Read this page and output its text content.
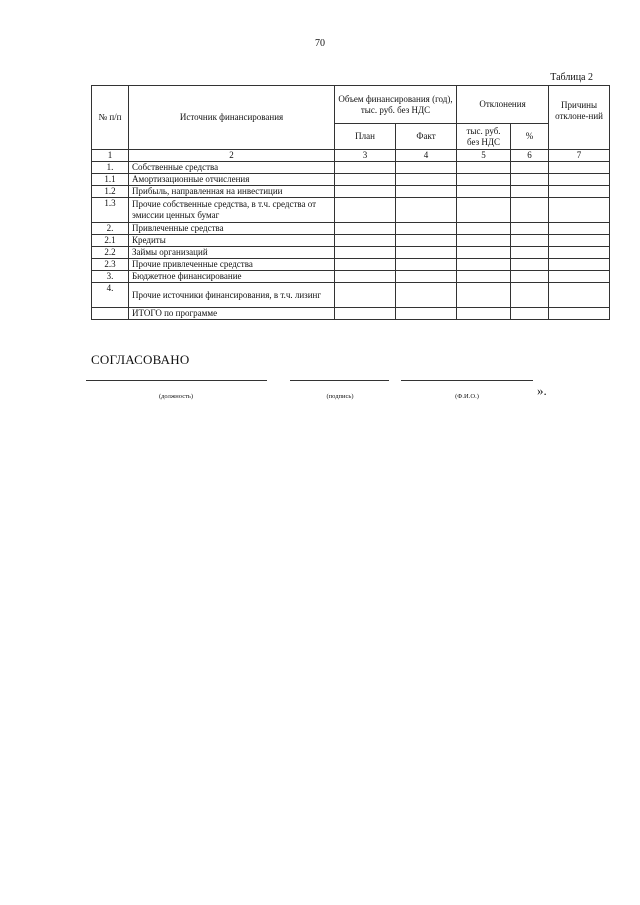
70
Таблица 2
№ п/п	Источник финансирования	Объем финансирования (год), тыс. руб. без НДС		Отклонения		Причины отклоне-ний
		План	Факт	тыс. руб. без НДС	%	
1	2	3	4	5	6	7
1.	Собственные средства					
1.1	Амортизационные отчисления					
1.2	Прибыль, направленная на инвестиции					
1.3	Прочие собственные средства, в т.ч. средства от эмиссии ценных бумаг					
2.	Привлеченные средства					
2.1	Кредиты					
2.2	Займы организаций					
2.3	Прочие привлеченные средства					
3.	Бюджетное финансирование					
4.	Прочие источники финансирования, в т.ч. лизинг					
	ИТОГО по программе					
СОГЛАСОВАНО
».
(должность)	(подпись)	(Ф.И.О.)
